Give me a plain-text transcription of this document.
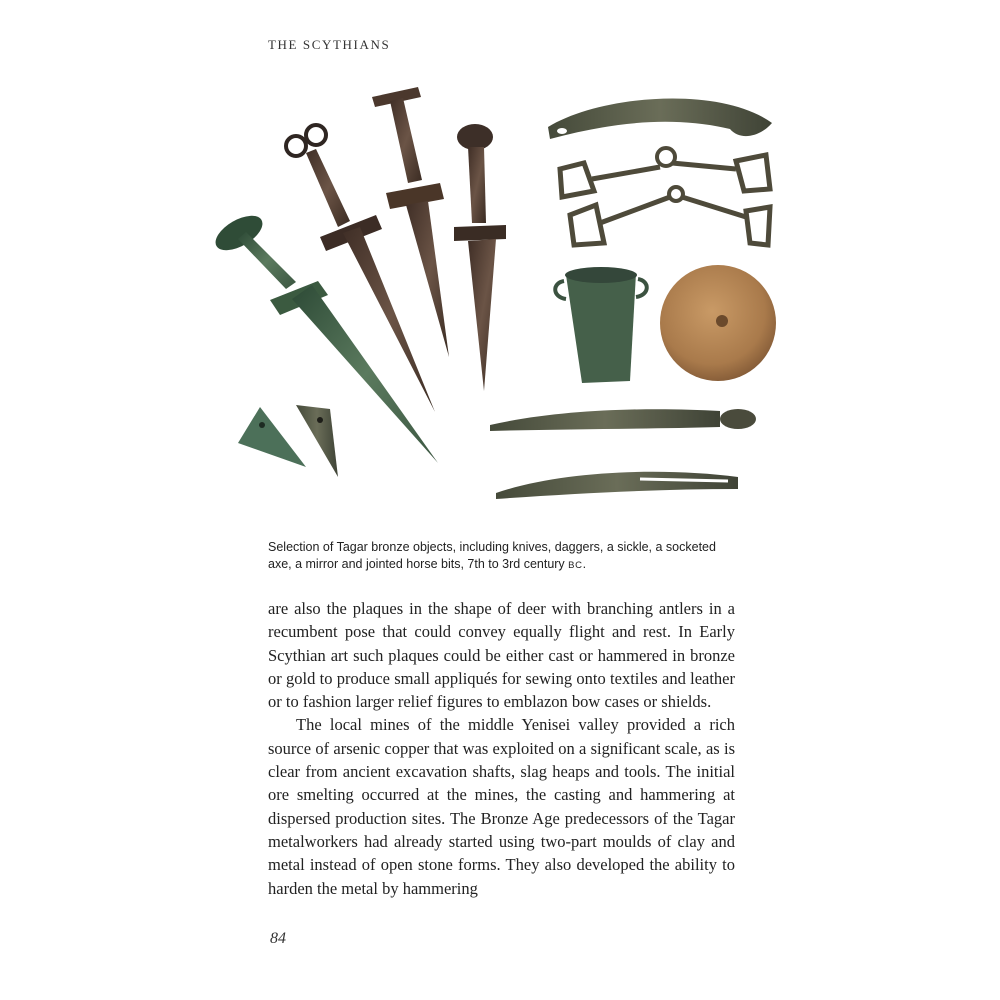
THE SCYTHIANS
Selection of Tagar bronze objects, including knives, daggers, a sickle, a socketed axe, a mirror and jointed horse bits, 7th to 3rd century BC.

are also the plaques in the shape of deer with branching antlers in a recumbent pose that could convey equally flight and rest. In Early Scythian art such plaques could be either cast or hammered in bronze or gold to produce small appliqués for sewing onto textiles and leather or to fashion larger relief figures to emblazon bow cases or shields.

The local mines of the middle Yenisei valley provided a rich source of arsenic copper that was exploited on a significant scale, as is clear from ancient excavation shafts, slag heaps and tools. The initial ore smelting occurred at the mines, the casting and hammering at dispersed production sites. The Bronze Age predecessors of the Tagar metalworkers had already started using two-part moulds of clay and metal instead of open stone forms. They also developed the ability to harden the metal by hammering

84
